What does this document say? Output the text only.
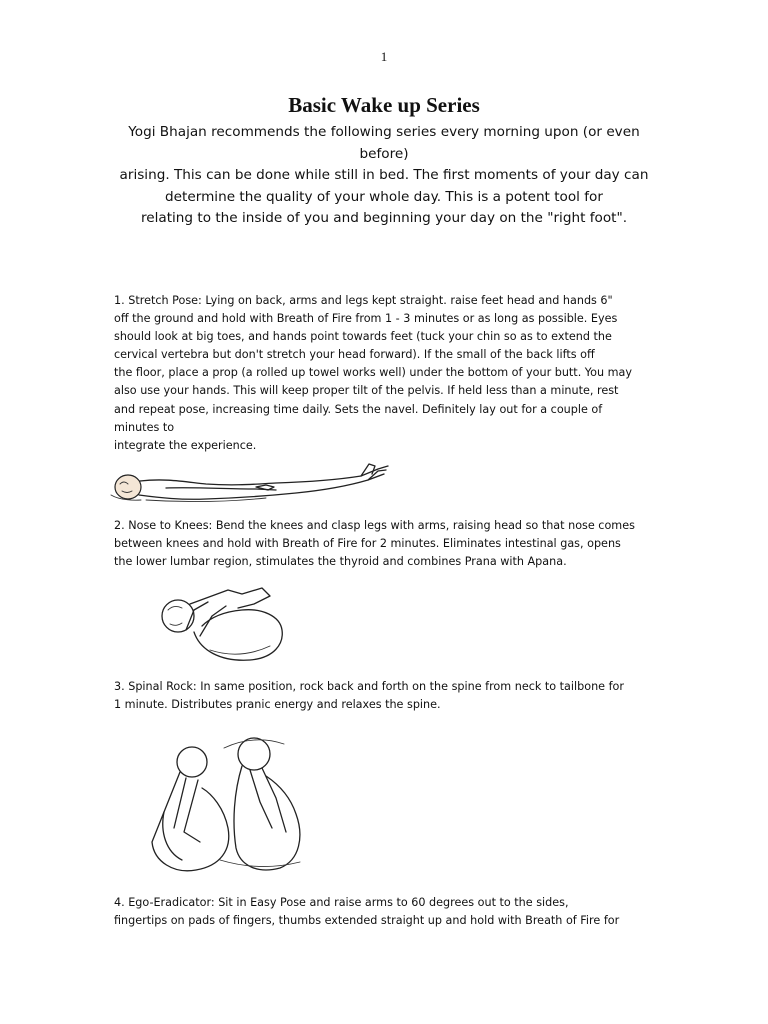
1
Basic Wake up Series
Yogi Bhajan recommends the following series every morning upon (or even before)
arising. This can be done while still in bed. The first moments of your day can
determine the quality of your whole day. This is a potent tool for
relating to the inside of you and beginning your day on the "right foot".
1. Stretch Pose: Lying on back, arms and legs kept straight. raise feet head and hands 6"
off the ground and hold with Breath of Fire from 1 - 3 minutes or as long as possible. Eyes
should look at big toes, and hands point towards feet (tuck your chin so as to extend the
cervical vertebra but don't stretch your head forward). If the small of the back lifts off
the floor, place a prop (a rolled up towel works well) under the bottom of your butt. You may
also use your hands. This will keep proper tilt of the pelvis. If held less than a minute, rest
and repeat pose, increasing time daily. Sets the navel. Definitely lay out for a couple of
minutes to
integrate the experience.
2. Nose to Knees: Bend the knees and clasp legs with arms, raising head so that nose comes
between knees and hold with Breath of Fire for 2 minutes. Eliminates intestinal gas, opens
the lower lumbar region, stimulates the thyroid and combines Prana with Apana.
3. Spinal Rock: In same position, rock back and forth on the spine from neck to tailbone for
1 minute. Distributes pranic energy and relaxes the spine.
4. Ego-Eradicator: Sit in Easy Pose and raise arms to 60 degrees out to the sides,
fingertips on pads of fingers, thumbs extended straight up and hold with Breath of Fire for
